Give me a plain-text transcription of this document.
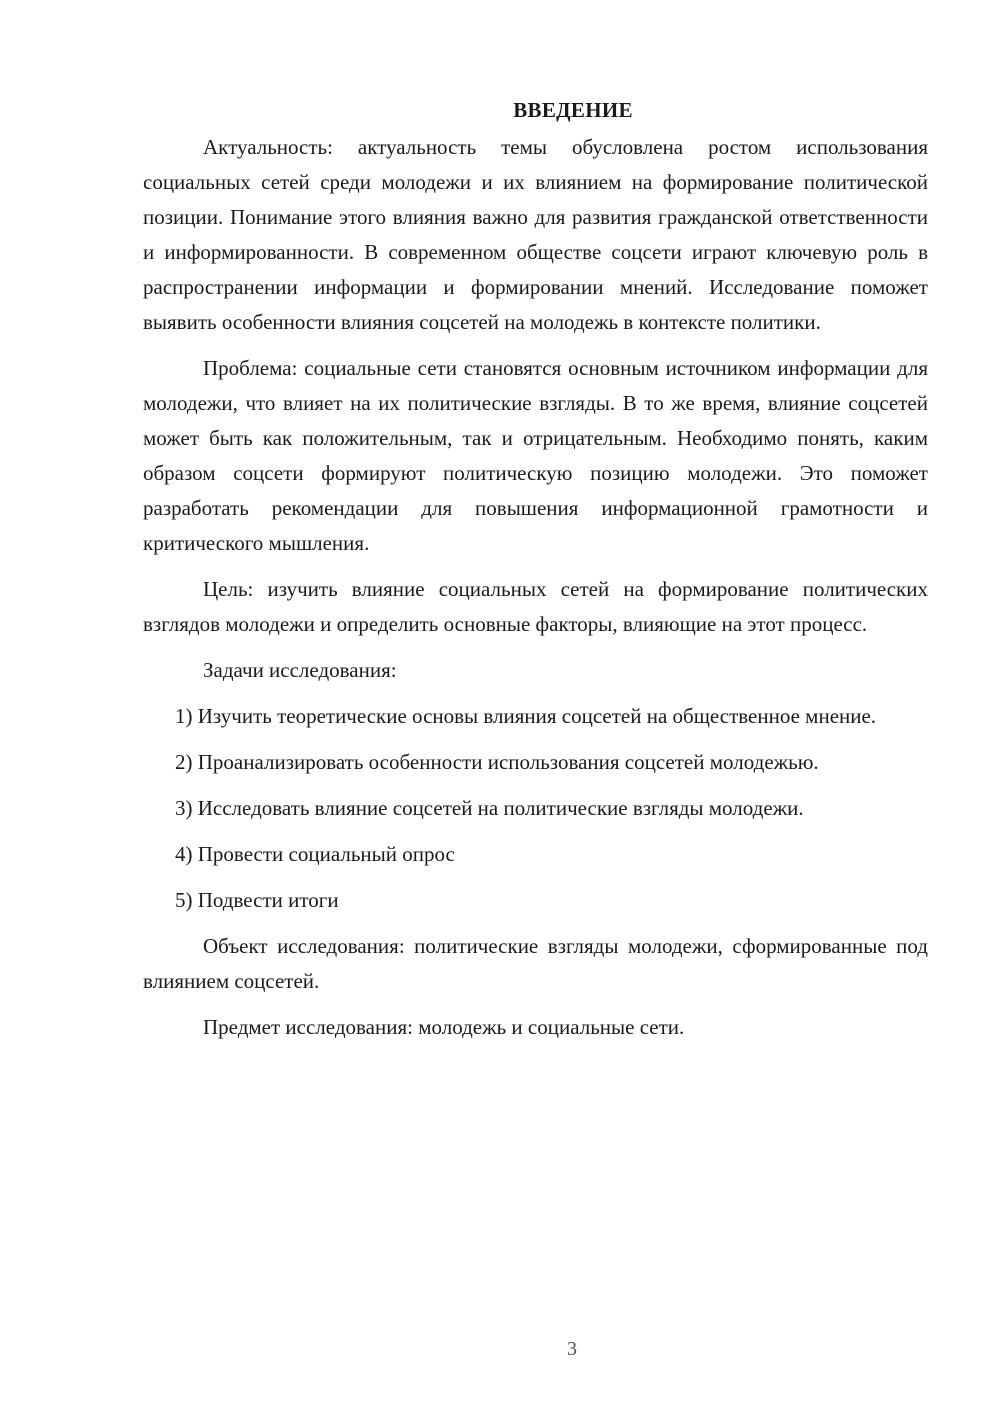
ВВЕДЕНИЕ

Актуальность: актуальность темы обусловлена ростом использования социальных сетей среди молодежи и их влиянием на формирование политической позиции. Понимание этого влияния важно для развития гражданской ответственности и информированности. В современном обществе соцсети играют ключевую роль в распространении информации и формировании мнений. Исследование поможет выявить особенности влияния соцсетей на молодежь в контексте политики.

Проблема: социальные сети становятся основным источником информации для молодежи, что влияет на их политические взгляды. В то же время, влияние соцсетей может быть как положительным, так и отрицательным. Необходимо понять, каким образом соцсети формируют политическую позицию молодежи. Это поможет разработать рекомендации для повышения информационной грамотности и критического мышления.

Цель: изучить влияние социальных сетей на формирование политических взглядов молодежи и определить основные факторы, влияющие на этот процесс.

Задачи исследования:

1) Изучить теоретические основы влияния соцсетей на общественное мнение.

2) Проанализировать особенности использования соцсетей молодежью.

3) Исследовать влияние соцсетей на политические взгляды молодежи.

4) Провести социальный опрос

5) Подвести итоги

Объект исследования: политические взгляды молодежи, сформированные под влиянием соцсетей.

Предмет исследования: молодежь и социальные сети.

3
